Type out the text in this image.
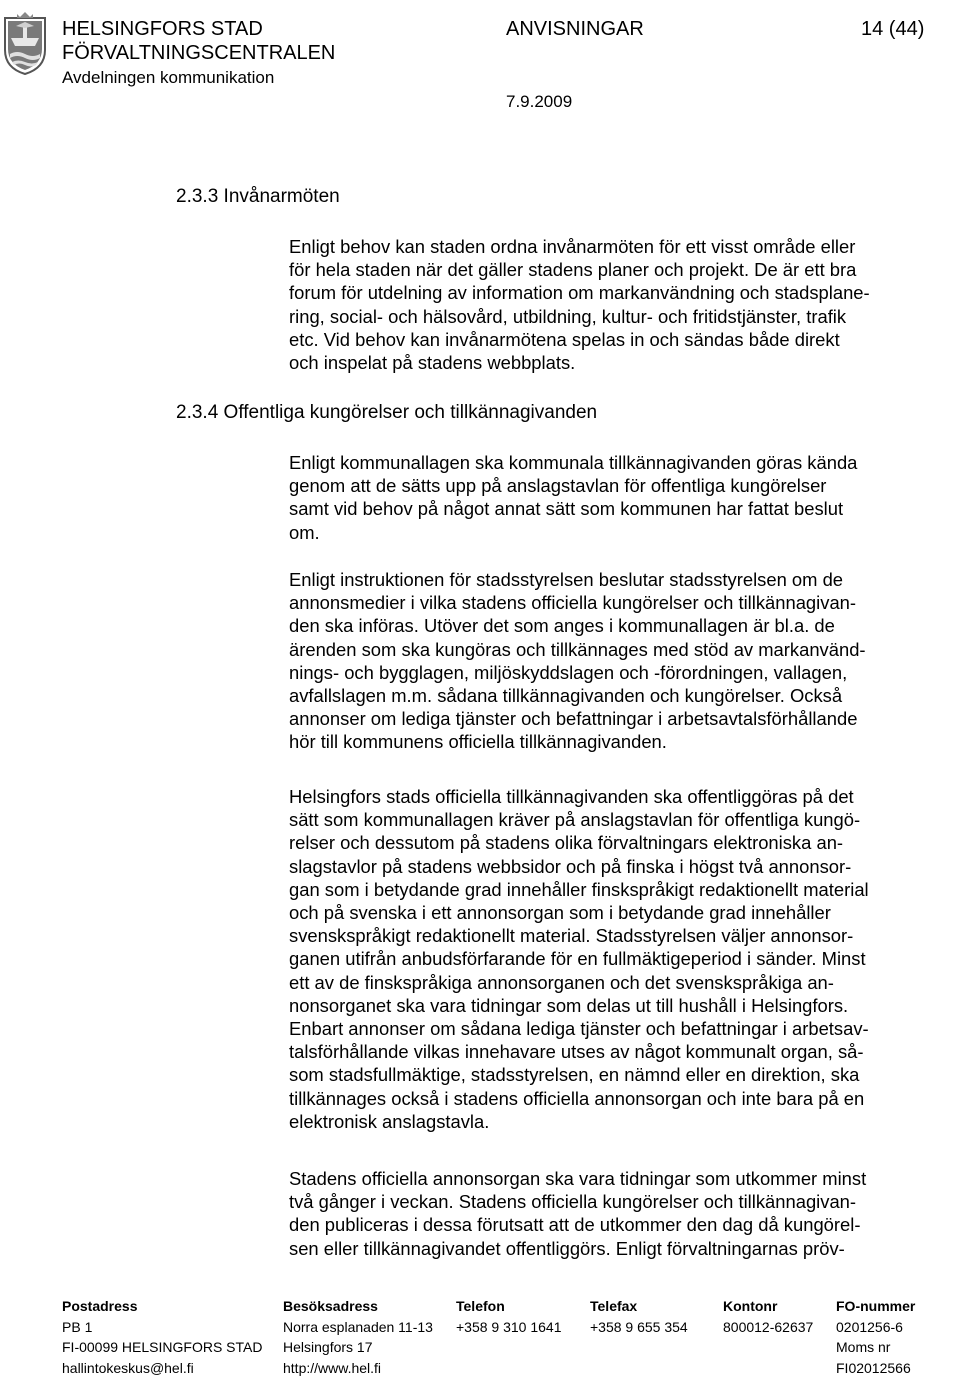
HELSINGFORS STAD
FÖRVALTNINGSCENTRALEN
Avdelningen kommunikation
ANVISNINGAR	14 (44)
7.9.2009
2.3.3 Invånarmöten
Enligt behov kan staden ordna invånarmöten för ett visst område eller
för hela staden när det gäller stadens planer och projekt. De är ett bra
forum för utdelning av information om markanvändning och stadsplane-
ring, social- och hälsovård, utbildning, kultur- och fritidstjänster, trafik
etc. Vid behov kan invånarmötena spelas in och sändas både direkt
och inspelat på stadens webbplats.
2.3.4 Offentliga kungörelser och tillkännagivanden
Enligt kommunallagen ska kommunala tillkännagivanden göras kända
genom att de sätts upp på anslagstavlan för offentliga kungörelser
samt vid behov på något annat sätt som kommunen har fattat beslut
om.
Enligt instruktionen för stadsstyrelsen beslutar stadsstyrelsen om de
annonsmedier i vilka stadens officiella kungörelser och tillkännagivan-
den ska införas. Utöver det som anges i kommunallagen är bl.a. de
ärenden som ska kungöras och tillkännages med stöd av markanvänd-
nings- och bygglagen, miljöskyddslagen och -förordningen, vallagen,
avfallslagen m.m. sådana tillkännagivanden och kungörelser. Också
annonser om lediga tjänster och befattningar i arbetsavtalsförhållande
hör till kommunens officiella tillkännagivanden.
Helsingfors stads officiella tillkännagivanden ska offentliggöras på det
sätt som kommunallagen kräver på anslagstavlan för offentliga kungö-
relser och dessutom på stadens olika förvaltningars elektroniska an-
slagstavlor på stadens webbsidor och på finska i högst två annonsor-
gan som i betydande grad innehåller finskspråkigt redaktionellt material
och på svenska i ett annonsorgan som i betydande grad innehåller
svenskspråkigt redaktionellt material. Stadsstyrelsen väljer annonsor-
ganen utifrån anbudsförfarande för en fullmäktigeperiod i sänder. Minst
ett av de finskspråkiga annonsorganen och det svenskspråkiga an-
nonsorganet ska vara tidningar som delas ut till hushåll i Helsingfors.
Enbart annonser om sådana lediga tjänster och befattningar i arbetsav-
talsförhållande vilkas innehavare utses av något kommunalt organ, så-
som stadsfullmäktige, stadsstyrelsen, en nämnd eller en direktion, ska
tillkännages också i stadens officiella annonsorgan och inte bara på en
elektronisk anslagstavla.
Stadens officiella annonsorgan ska vara tidningar som utkommer minst
två gånger i veckan. Stadens officiella kungörelser och tillkännagivan-
den publiceras i dessa förutsatt att de utkommer den dag då kungörel-
sen eller tillkännagivandet offentliggörs. Enligt förvaltningarnas pröv-
Postadress
PB 1
FI-00099 HELSINGFORS STAD
hallintokeskus@hel.fi
Besöksadress
Norra esplanaden 11-13
Helsingfors 17
http://www.hel.fi
Telefon
+358 9 310 1641
Telefax
+358 9 655 354
Kontonr
800012-62637
FO-nummer
0201256-6
Moms nr
FI02012566
